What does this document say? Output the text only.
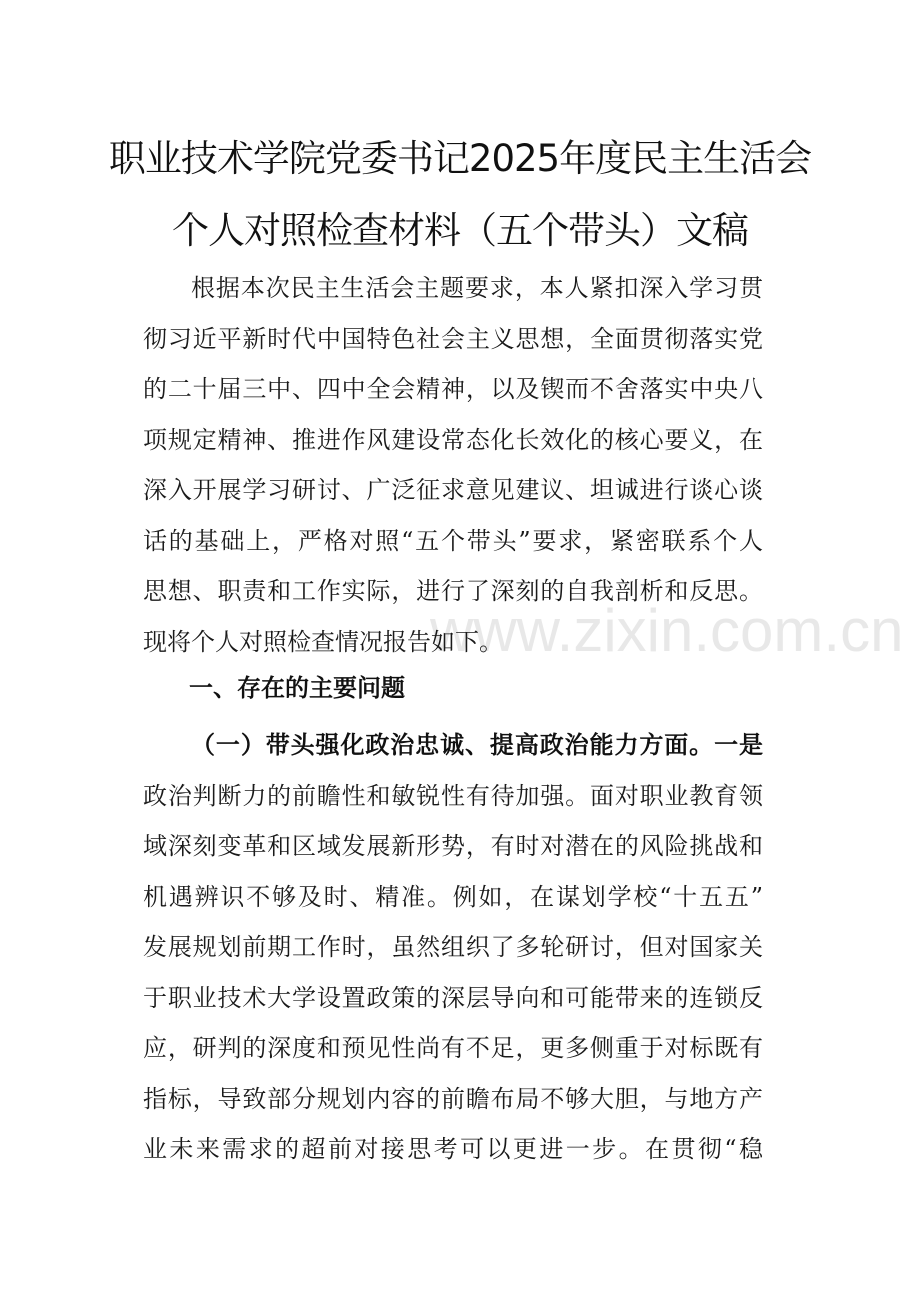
www.zixin.com.cn
职业技术学院党委书记2025年度民主生活会
个人对照检查材料（五个带头）文稿
根据本次民主生活会主题要求，本人紧扣深入学习贯
彻习近平新时代中国特色社会主义思想，全面贯彻落实党
的二十届三中、四中全会精神，以及锲而不舍落实中央八
项规定精神、推进作风建设常态化长效化的核心要义，在
深入开展学习研讨、广泛征求意见建议、坦诚进行谈心谈
话的基础上，严格对照“五个带头”要求，紧密联系个人
思想、职责和工作实际，进行了深刻的自我剖析和反思。
现将个人对照检查情况报告如下。
一、存在的主要问题
（一）带头强化政治忠诚、提高政治能力方面。一是
政治判断力的前瞻性和敏锐性有待加强。面对职业教育领
域深刻变革和区域发展新形势，有时对潜在的风险挑战和
机遇辨识不够及时、精准。例如，在谋划学校“十五五”
发展规划前期工作时，虽然组织了多轮研讨，但对国家关
于职业技术大学设置政策的深层导向和可能带来的连锁反
应，研判的深度和预见性尚有不足，更多侧重于对标既有
指标，导致部分规划内容的前瞻布局不够大胆，与地方产
业未来需求的超前对接思考可以更进一步。在贯彻“稳
